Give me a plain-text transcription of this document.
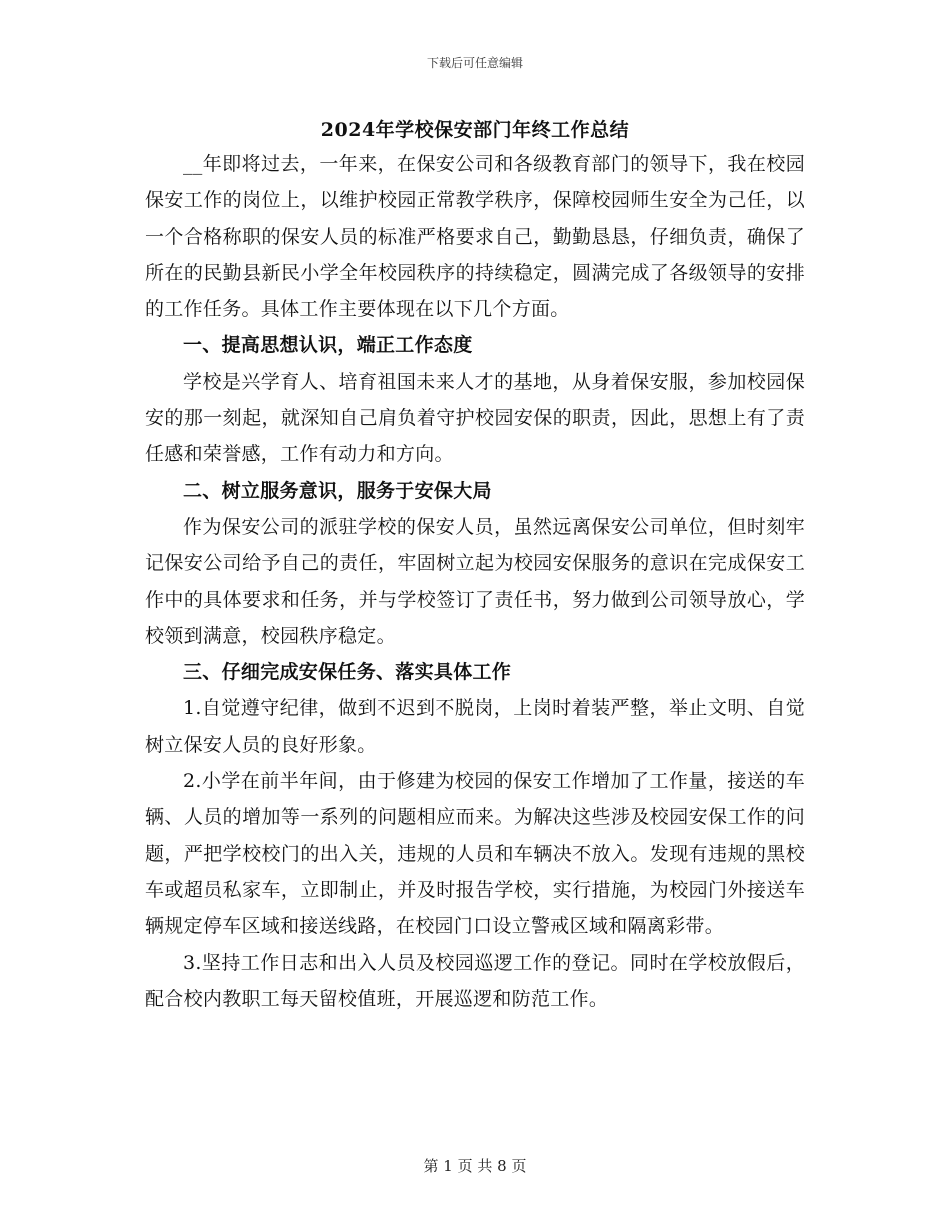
下载后可任意编辑
2024年学校保安部门年终工作总结

__年即将过去，一年来，在保安公司和各级教育部门的领导下，我在校园保安工作的岗位上，以维护校园正常教学秩序，保障校园师生安全为己任，以一个合格称职的保安人员的标准严格要求自己，勤勤恳恳，仔细负责，确保了所在的民勤县新民小学全年校园秩序的持续稳定，圆满完成了各级领导的安排的工作任务。具体工作主要体现在以下几个方面。

一、提高思想认识，端正工作态度

学校是兴学育人、培育祖国未来人才的基地，从身着保安服，参加校园保安的那一刻起，就深知自己肩负着守护校园安保的职责，因此，思想上有了责任感和荣誉感，工作有动力和方向。

二、树立服务意识，服务于安保大局

作为保安公司的派驻学校的保安人员，虽然远离保安公司单位，但时刻牢记保安公司给予自己的责任，牢固树立起为校园安保服务的意识在完成保安工作中的具体要求和任务，并与学校签订了责任书，努力做到公司领导放心，学校领到满意，校园秩序稳定。

三、仔细完成安保任务、落实具体工作

1.自觉遵守纪律，做到不迟到不脱岗，上岗时着装严整，举止文明、自觉树立保安人员的良好形象。

2.小学在前半年间，由于修建为校园的保安工作增加了工作量，接送的车辆、人员的增加等一系列的问题相应而来。为解决这些涉及校园安保工作的问题，严把学校校门的出入关，违规的人员和车辆决不放入。发现有违规的黑校车或超员私家车，立即制止，并及时报告学校，实行措施，为校园门外接送车辆规定停车区域和接送线路，在校园门口设立警戒区域和隔离彩带。

3.坚持工作日志和出入人员及校园巡逻工作的登记。同时在学校放假后，配合校内教职工每天留校值班，开展巡逻和防范工作。

第 1 页 共 8 页
